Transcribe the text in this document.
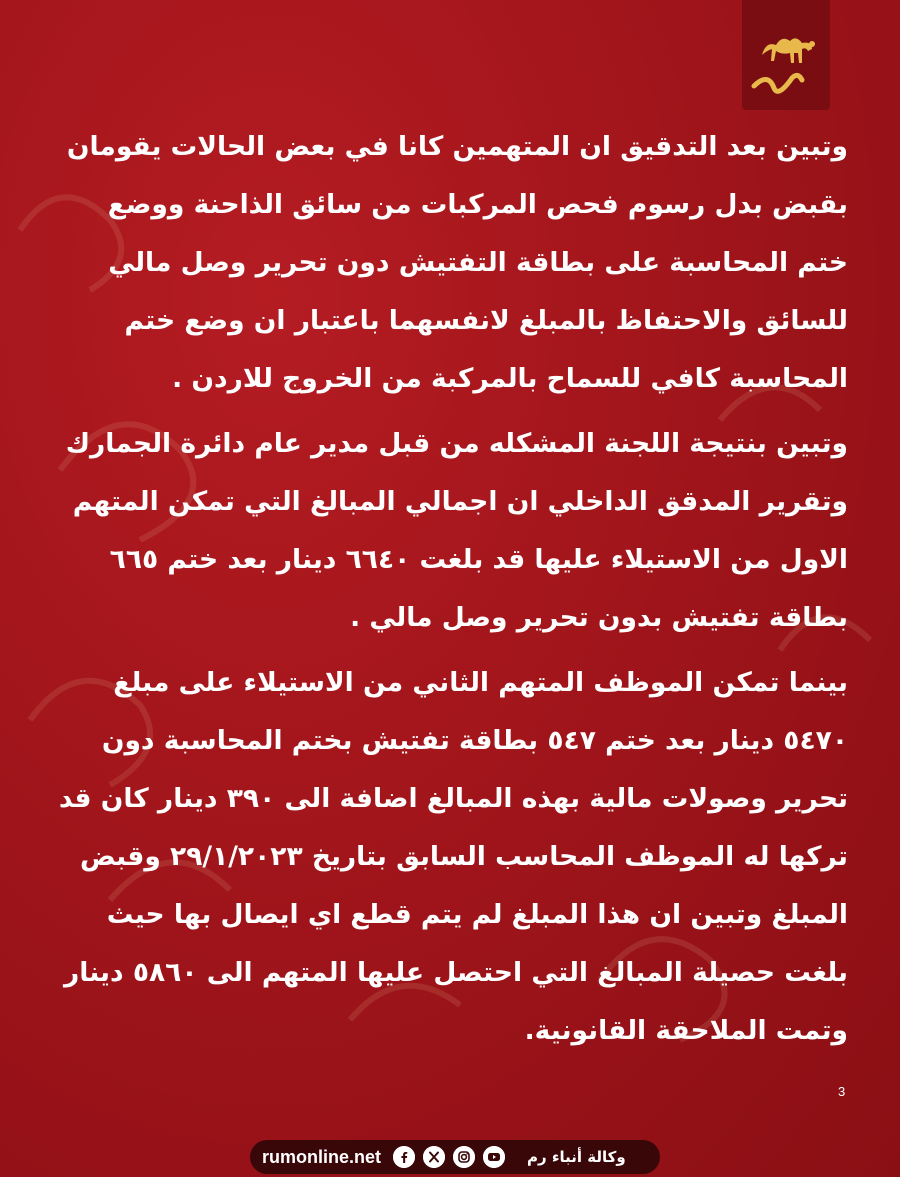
وتبين بعد التدقيق ان المتهمين كانا في بعض الحالات يقومان
بقبض بدل رسوم فحص المركبات من سائق الذاحنة ووضع
ختم المحاسبة على بطاقة التفتيش دون تحرير وصل مالي
للسائق والاحتفاظ بالمبلغ لانفسهما باعتبار ان وضع ختم
المحاسبة كافي للسماح بالمركبة من الخروج للاردن .
وتبين بنتيجة اللجنة المشكله من قبل مدير عام دائرة الجمارك
وتقرير المدقق الداخلي ان اجمالي المبالغ التي تمكن المتهم
الاول من الاستيلاء عليها قد بلغت ٦٦٤٠ دينار بعد ختم ٦٦٥
بطاقة تفتيش بدون تحرير وصل مالي .
بينما تمكن الموظف المتهم الثاني من الاستيلاء على مبلغ
٥٤٧٠ دينار بعد ختم ٥٤٧ بطاقة تفتيش بختم المحاسبة دون
تحرير وصولات مالية بهذه المبالغ اضافة الى ٣٩٠ دينار كان قد
تركها له الموظف المحاسب السابق بتاريخ ٢٩/١/٢٠٢٣ وقبض
المبلغ وتبين ان هذا المبلغ لم يتم قطع اي ايصال بها حيث
بلغت حصيلة المبالغ التي احتصل عليها المتهم الى ٥٨٦٠ دينار
وتمت الملاحقة القانونية.
3
rumonline.net	وكالة أنباء رم
